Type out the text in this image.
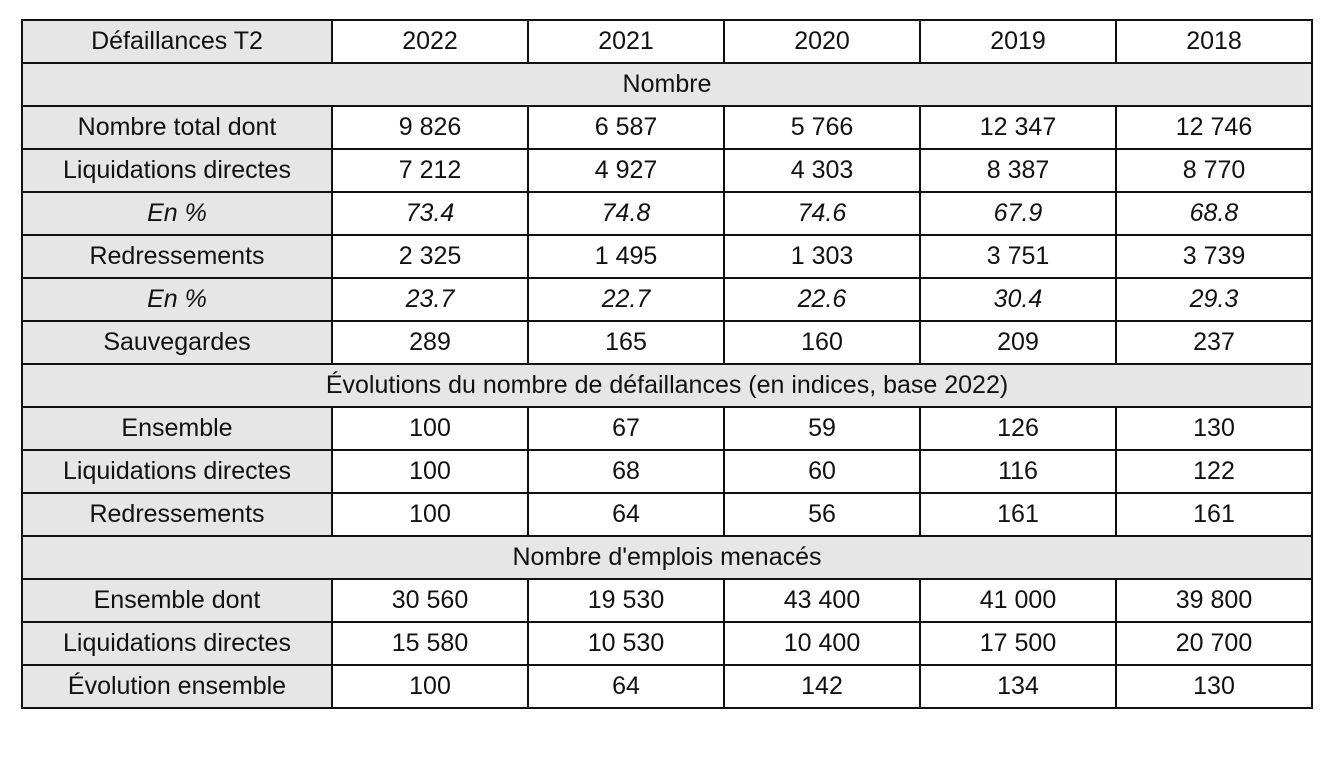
Défaillances T2	2022	2021	2020	2019	2018
Nombre					
Nombre total dont	9 826	6 587	5 766	12 347	12 746
Liquidations directes	7 212	4 927	4 303	8 387	8 770
En %	73.4	74.8	74.6	67.9	68.8
Redressements	2 325	1 495	1 303	3 751	3 739
En %	23.7	22.7	22.6	30.4	29.3
Sauvegardes	289	165	160	209	237
Évolutions du nombre de défaillances (en indices, base 2022)					
Ensemble	100	67	59	126	130
Liquidations directes	100	68	60	116	122
Redressements	100	64	56	161	161
Nombre d'emplois menacés					
Ensemble dont	30 560	19 530	43 400	41 000	39 800
Liquidations directes	15 580	10 530	10 400	17 500	20 700
Évolution ensemble	100	64	142	134	130
